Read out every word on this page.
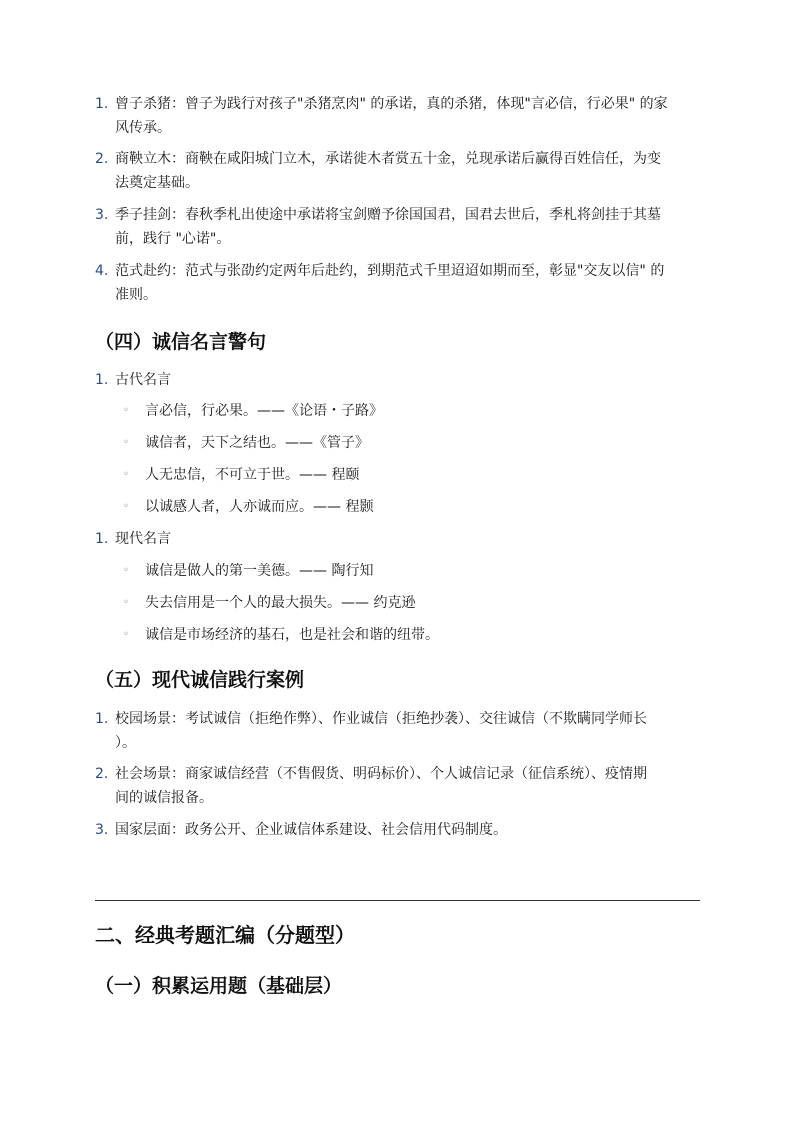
1. 曾子杀猪：曾子为践行对孩子"杀猪烹肉" 的承诺，真的杀猪，体现"言必信，行必果" 的家
风传承。
2. 商鞅立木：商鞅在咸阳城门立木，承诺徙木者赏五十金，兑现承诺后赢得百姓信任，为变
法奠定基础。
3. 季子挂剑：春秋季札出使途中承诺将宝剑赠予徐国国君，国君去世后，季札将剑挂于其墓
前，践行 "心诺"。
4. 范式赴约：范式与张劭约定两年后赴约，到期范式千里迢迢如期而至，彰显"交友以信" 的
准则。
（四）诚信名言警句
1. 古代名言
◦	言必信，行必果。——《论语・子路》
◦	诚信者，天下之结也。——《管子》
◦	人无忠信，不可立于世。—— 程颐
◦	以诚感人者，人亦诚而应。—— 程颢
1. 现代名言
◦	诚信是做人的第一美德。—— 陶行知
◦	失去信用是一个人的最大损失。—— 约克逊
◦	诚信是市场经济的基石，也是社会和谐的纽带。
（五）现代诚信践行案例
1. 校园场景：考试诚信（拒绝作弊）、作业诚信（拒绝抄袭）、交往诚信（不欺瞒同学师长
）。
2. 社会场景：商家诚信经营（不售假货、明码标价）、个人诚信记录（征信系统）、疫情期
间的诚信报备。
3. 国家层面：政务公开、企业诚信体系建设、社会信用代码制度。
二、经典考题汇编（分题型）
（一）积累运用题（基础层）
